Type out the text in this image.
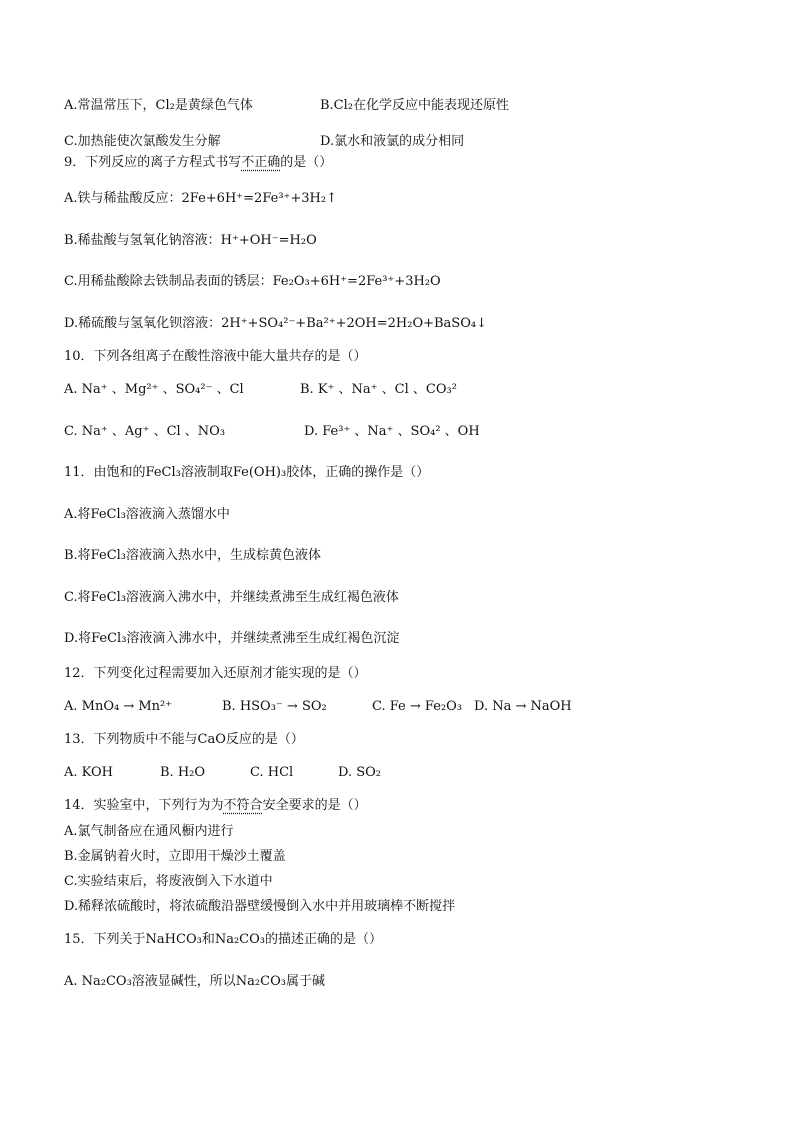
A.常温常压下，Cl₂是黄绿色气体	B.Cl₂在化学反应中能表现还原性
C.加热能使次氯酸发生分解	D.氯水和液氯的成分相同
9．下列反应的离子方程式书写不正确的是（）
A.铁与稀盐酸反应：2Fe+6H⁺=2Fe³⁺+3H₂↑
B.稀盐酸与氢氧化钠溶液：H⁺+OH⁻=H₂O
C.用稀盐酸除去铁制品表面的锈层：Fe₂O₃+6H⁺=2Fe³⁺+3H₂O
D.稀硫酸与氢氧化钡溶液：2H⁺+SO₄²⁻+Ba²⁺+2OH=2H₂O+BaSO₄↓
10．下列各组离子在酸性溶液中能大量共存的是（）
A. Na⁺ 、Mg²⁺ 、SO₄²⁻ 、Cl	B. K⁺ 、Na⁺ 、Cl 、CO₃²
C. Na⁺ 、Ag⁺ 、Cl 、NO₃	D. Fe³⁺ 、Na⁺ 、SO₄² 、OH
11．由饱和的FeCl₃溶液制取Fe(OH)₃胶体，正确的操作是（）
A.将FeCl₃溶液滴入蒸馏水中
B.将FeCl₃溶液滴入热水中，生成棕黄色液体
C.将FeCl₃溶液滴入沸水中，并继续煮沸至生成红褐色液体
D.将FeCl₃溶液滴入沸水中，并继续煮沸至生成红褐色沉淀
12．下列变化过程需要加入还原剂才能实现的是（）
A. MnO₄ → Mn²⁺	B. HSO₃⁻ → SO₂	C. Fe → Fe₂O₃ D. Na → NaOH
13．下列物质中不能与CaO反应的是（）
A. KOH	B. H₂O	C. HCl	D. SO₂
14．实验室中，下列行为为不符合安全要求的是（）
A.氯气制备应在通风橱内进行
B.金属钠着火时，立即用干燥沙土覆盖
C.实验结束后，将废液倒入下水道中
D.稀释浓硫酸时，将浓硫酸沿器壁缓慢倒入水中并用玻璃棒不断搅拌
15．下列关于NaHCO₃和Na₂CO₃的描述正确的是（）
A. Na₂CO₃溶液显碱性，所以Na₂CO₃属于碱
